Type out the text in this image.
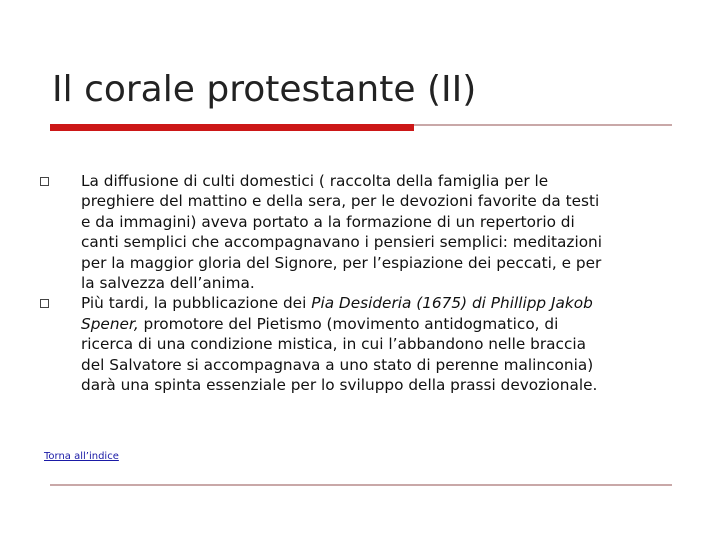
Il corale protestante (II)
La diffusione di culti domestici ( raccolta della famiglia per le
preghiere del mattino e della sera, per le devozioni favorite da testi
e da immagini) aveva portato a la formazione di un repertorio di
canti semplici che accompagnavano i pensieri semplici: meditazioni
per la maggior gloria del Signore, per l’espiazione dei peccati, e per
la salvezza dell’anima.
Più tardi, la pubblicazione dei Pia Desideria (1675) di Phillipp Jakob
Spener, promotore del Pietismo (movimento antidogmatico, di
ricerca di una condizione mistica, in cui l’abbandono nelle braccia
del Salvatore si accompagnava a uno stato di perenne malinconia)
darà una spinta essenziale per lo sviluppo della prassi devozionale.
Torna all’indice
